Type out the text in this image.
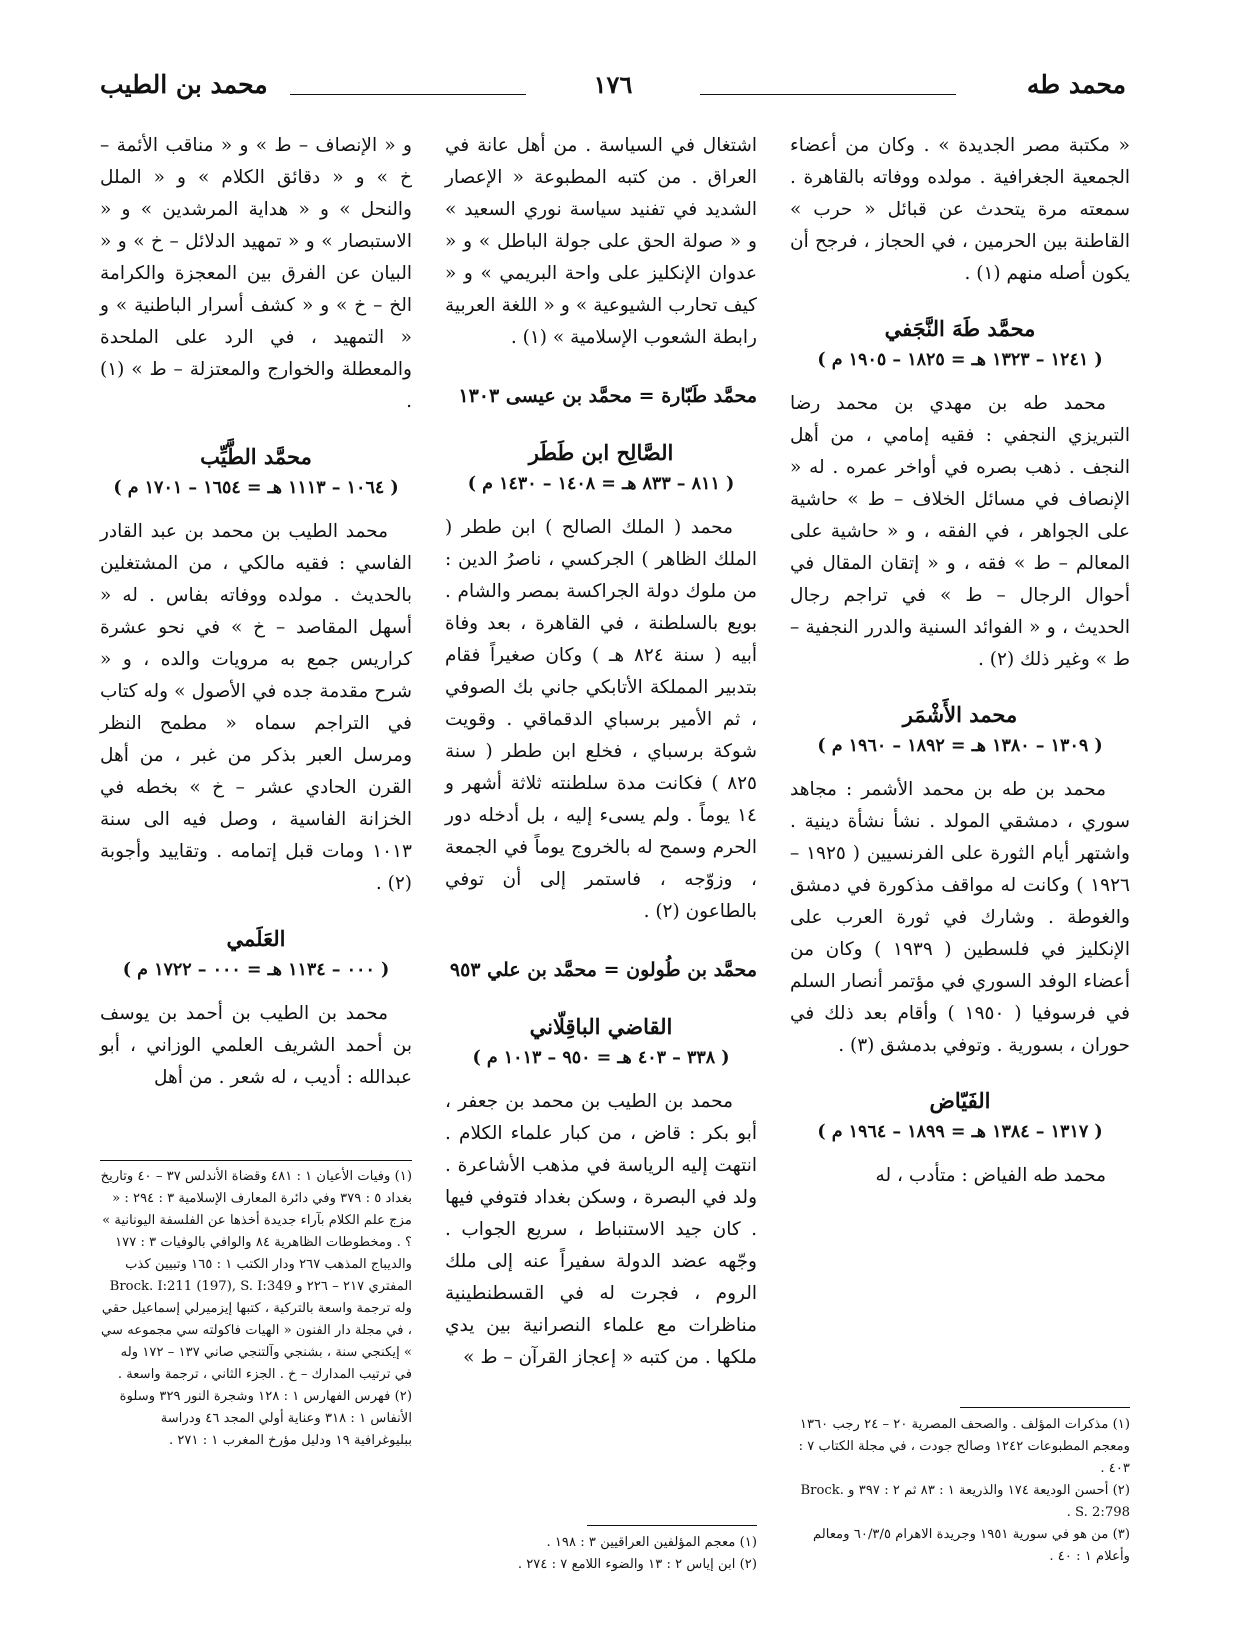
محمد طه
١٧٦
محمد بن الطيب

« مكتبة مصر الجديدة » . وكان من أعضاء الجمعية الجغرافية . مولده ووفاته بالقاهرة . سمعته مرة يتحدث عن قبائل « حرب » القاطنة بين الحرمين ، في الحجاز ، فرجح أن يكون أصله منهم (١) .

محمَّد طَهَ النَّجَفي
( ١٢٤١ – ١٣٢٣ هـ = ١٨٢٥ – ١٩٠٥ م )

محمد طه بن مهدي بن محمد رضا التبريزي النجفي : فقيه إمامي ، من أهل النجف . ذهب بصره في أواخر عمره . له « الإنصاف في مسائل الخلاف – ط » حاشية على الجواهر ، في الفقه ، و « حاشية على المعالم – ط » فقه ، و « إتقان المقال في أحوال الرجال – ط » في تراجم رجال الحديث ، و « الفوائد السنية والدرر النجفية – ط » وغير ذلك (٢) .

محمد الأَشْمَر
( ١٣٠٩ – ١٣٨٠ هـ = ١٨٩٢ – ١٩٦٠ م )

محمد بن طه بن محمد الأشمر : مجاهد سوري ، دمشقي المولد . نشأ نشأة دينية . واشتهر أيام الثورة على الفرنسيين ( ١٩٢٥ – ١٩٢٦ ) وكانت له مواقف مذكورة في دمشق والغوطة . وشارك في ثورة العرب على الإنكليز في فلسطين ( ١٩٣٩ ) وكان من أعضاء الوفد السوري في مؤتمر أنصار السلم في فرسوفيا ( ١٩٥٠ ) وأقام بعد ذلك في حوران ، بسورية . وتوفي بدمشق (٣) .

الفَيّاض
( ١٣١٧ – ١٣٨٤ هـ = ١٨٩٩ – ١٩٦٤ م )

محمد طه الفياض : متأدب ، له

(١) مذكرات المؤلف . والصحف المصرية ٢٠ – ٢٤ رجب ١٣٦٠ ومعجم المطبوعات ١٢٤٢ وصالح جودت ، في مجلة الكتاب ٧ : ٤٠٣ .

(٢) أحسن الوديعة ١٧٤ والذريعة ١ : ٨٣ ثم ٢ : ٣٩٧ و Brock. S. 2:798 .

(٣) من هو في سورية ١٩٥١ وجريدة الاهرام ٦٠/٣/٥ ومعالم وأعلام ١ : ٤٠ .

اشتغال في السياسة . من أهل عانة في العراق . من كتبه المطبوعة « الإعصار الشديد في تفنيد سياسة نوري السعيد » و « صولة الحق على جولة الباطل » و « عدوان الإنكليز على واحة البريمي » و « كيف تحارب الشيوعية » و « اللغة العربية رابطة الشعوب الإسلامية » (١) .

محمَّد طَبّارة = محمَّد بن عيسى ١٣٠٣
الصَّالِح ابن طَطَر
( ٨١١ – ٨٣٣ هـ = ١٤٠٨ – ١٤٣٠ م )

محمد ( الملك الصالح ) ابن ططر ( الملك الظاهر ) الجركسي ، ناصرُ الدين : من ملوك دولة الجراكسة بمصر والشام . بويع بالسلطنة ، في القاهرة ، بعد وفاة أبيه ( سنة ٨٢٤ هـ ) وكان صغيراً فقام بتدبير المملكة الأتابكي جاني بك الصوفي ، ثم الأمير برسباي الدقماقي . وقويت شوكة برسباي ، فخلع ابن ططر ( سنة ٨٢٥ ) فكانت مدة سلطنته ثلاثة أشهر و ١٤ يوماً . ولم يسىء إليه ، بل أدخله دور الحرم وسمح له بالخروج يوماً في الجمعة ، وزوّجه ، فاستمر إلى أن توفي بالطاعون (٢) .

محمَّد بن طُولون = محمَّد بن علي ٩٥٣
القاضي الباقِلّاني
( ٣٣٨ – ٤٠٣ هـ = ٩٥٠ – ١٠١٣ م )

محمد بن الطيب بن محمد بن جعفر ، أبو بكر : قاض ، من كبار علماء الكلام . انتهت إليه الرياسة في مذهب الأشاعرة . ولد في البصرة ، وسكن بغداد فتوفي فيها . كان جيد الاستنباط ، سريع الجواب . وجّهه عضد الدولة سفيراً عنه إلى ملك الروم ، فجرت له في القسطنطينية مناظرات مع علماء النصرانية بين يدي ملكها . من كتبه « إعجاز القرآن – ط »

(١) معجم المؤلفين العراقيين ٣ : ١٩٨ .

(٢) ابن إياس ٢ : ١٣ والضوء اللامع ٧ : ٢٧٤ .

و « الإنصاف – ط » و « مناقب الأئمة – خ » و « دقائق الكلام » و « الملل والنحل » و « هداية المرشدين » و « الاستبصار » و « تمهيد الدلائل – خ » و « البيان عن الفرق بين المعجزة والكرامة الخ – خ » و « كشف أسرار الباطنية » و « التمهيد ، في الرد على الملحدة والمعطلة والخوارج والمعتزلة – ط » (١) .

محمَّد الطَّيِّب
( ١٠٦٤ – ١١١٣ هـ = ١٦٥٤ – ١٧٠١ م )

محمد الطيب بن محمد بن عبد القادر الفاسي : فقيه مالكي ، من المشتغلين بالحديث . مولده ووفاته بفاس . له « أسهل المقاصد – خ » في نحو عشرة كراريس جمع به مرويات والده ، و « شرح مقدمة جده في الأصول » وله كتاب في التراجم سماه « مطمح النظر ومرسل العبر بذكر من غبر ، من أهل القرن الحادي عشر – خ » بخطه في الخزانة الفاسية ، وصل فيه الى سنة ١٠١٣ ومات قبل إتمامه . وتقاييد وأجوبة (٢) .

العَلَمي
( ٠٠٠ – ١١٣٤ هـ = ٠٠٠ – ١٧٢٢ م )

محمد بن الطيب بن أحمد بن يوسف بن أحمد الشريف العلمي الوزاني ، أبو عبدالله : أديب ، له شعر . من أهل

(١) وفيات الأعيان ١ : ٤٨١ وقضاة الأندلس ٣٧ – ٤٠ وتاريخ بغداد ٥ : ٣٧٩ وفي دائرة المعارف الإسلامية ٣ : ٢٩٤ : « مزج علم الكلام بآراء جديدة أخذها عن الفلسفة اليونانية » ؟ . ومخطوطات الظاهرية ٨٤ والوافي بالوفيات ٣ : ١٧٧ والديباج المذهب ٢٦٧ ودار الكتب ١ : ١٦٥ وتبيين كذب المفتري ٢١٧ – ٢٢٦ و Brock. I:211 (197), S. I:349 وله ترجمة واسعة بالتركية ، كتبها إيزميرلي إسماعيل حقي ، في مجلة دار الفنون « الهيات فاكولته سي مجموعه سي » إيكنجي سنة ، بشنجي وآلتنجي صاني ١٣٧ – ١٧٢ وله في ترتيب المدارك – خ . الجزء الثاني ، ترجمة واسعة .

(٢) فهرس الفهارس ١ : ١٢٨ وشجرة النور ٣٢٩ وسلوة الأنفاس ١ : ٣١٨ وعناية أولي المجد ٤٦ ودراسة ببليوغرافية ١٩ ودليل مؤرخ المغرب ١ : ٢٧١ .
